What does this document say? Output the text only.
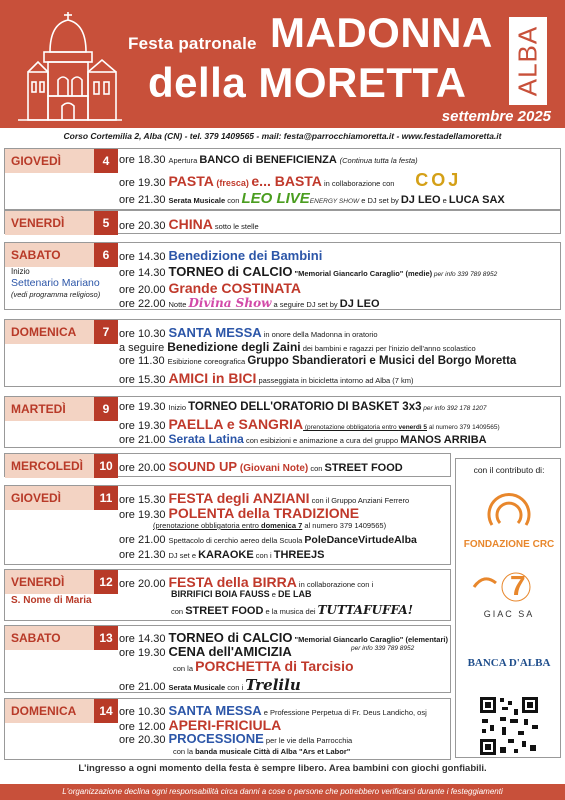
Festa patronale MADONNA
della MORETTA ALBA
settembre 2025
Corso Cortemilia 2, Alba (CN) - tel. 379 1409565 - mail: festa@parrocchiamoretta.it - www.festadellamoretta.it
GIOVEDÌ	4 ore 18.30 Apertura BANCO di BENEFICIENZA (Continua tutta la festa)
ore 19.30 PASTA (fresca) e... BASTA in collaborazione con COJ
ore 21.30 Serata Musicale con LEO LIVEENERGY SHOW e DJ set by DJ LEO e LUCA SAX
VENERDÌ	5 ore 20.30 CHINA sotto le stelle
SABATO	6
Inizio
Settenario Mariano
(vedi programma religioso)
ore 14.30 Benedizione dei Bambini
ore 14.30 TORNEO di CALCIO "Memorial Giancarlo Caraglio" (medie) per info 339 789 8952
ore 20.00 Grande COSTINATA
ore 22.00 Notte Divina Show a seguire DJ set by DJ LEO
DOMENICA	7 ore 10.30 SANTA MESSA in onore della Madonna in oratorio
a seguire Benedizione degli Zaini dei bambini e ragazzi per l'inizio dell'anno scolastico
ore 11.30 Esibizione coreografica Gruppo Sbandieratori e Musici del Borgo Moretta
ore 15.30 AMICI in BICI passeggiata in bicicletta intorno ad Alba (7 km)
MARTEDÌ	9 ore 19.30 Inizio TORNEO DELL'ORATORIO DI BASKET 3x3 per info 392 178 1207
ore 19.30 PAELLA e SANGRIA (prenotazione obbligatoria entro venerdì 5 al numero 379 1409565)
ore 21.00 Serata Latina con esibizioni e animazione a cura del gruppo MANOS ARRIBA
MERCOLEDÌ	10 ore 20.00 SOUND UP (Giovani Note) con STREET FOOD
GIOVEDÌ	11 ore 15.30 FESTA degli ANZIANI con il Gruppo Anziani Ferrero
ore 19.30 POLENTA della TRADIZIONE
(prenotazione obbligatoria entro domenica 7 al numero 379 1409565)
ore 21.00 Spettacolo di cerchio aereo della Scuola PoleDanceVirtudeAlba
ore 21.30 DJ set e KARAOKE con i THREEJS
VENERDÌ	12
S. Nome di Maria
ore 20.00 FESTA della BIRRA in collaborazione con i
BIRRIFICI BOIA FAUSS e DE LAB
con STREET FOOD e la musica dei TUTTAFUFFA!
SABATO	13 ore 14.30 TORNEO di CALCIO "Memorial Giancarlo Caraglio" (elementari)
per info 339 789 8952
ore 19.30 CENA dell'AMICIZIA
con la PORCHETTA di Tarcisio
ore 21.00 Serata Musicale con i Trelilu
DOMENICA	14 ore 10.30 SANTA MESSA e Professione Perpetua di Fr. Deus Landicho, osj
ore 12.00 APERI-FRICIULA
ore 20.30 PROCESSIONE per le vie della Parrocchia
con la banda musicale Città di Alba "Ars et Labor"
con il contributo di:
FONDAZIONE CRC
7
GIAC SA
BANCA D'ALBA
L'ingresso a ogni momento della festa è sempre libero. Area bambini con giochi gonfiabili.
L'organizzazione declina ogni responsabilità circa danni a cose o persone che potrebbero verificarsi durante i festeggiamenti
